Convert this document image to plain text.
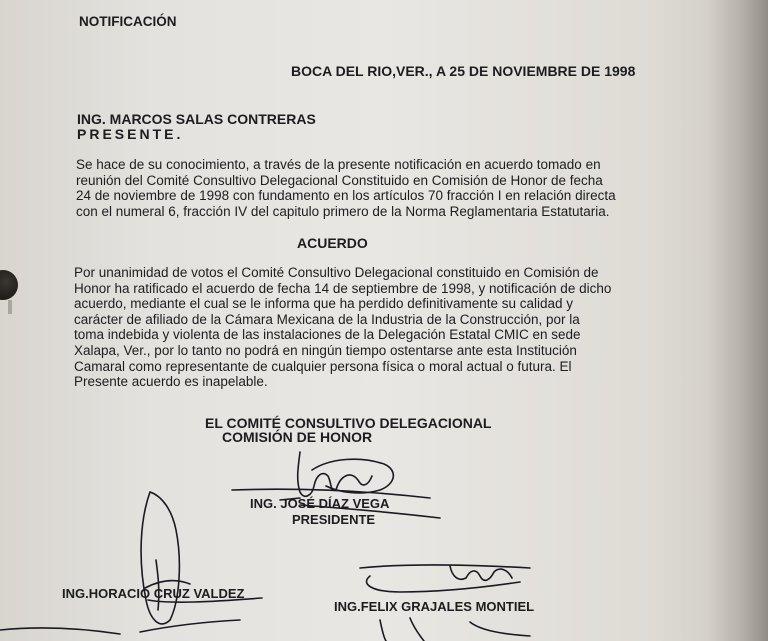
NOTIFICACIÓN
BOCA DEL RIO,VER., A 25 DE NOVIEMBRE DE 1998
ING. MARCOS SALAS CONTRERAS
PRESENTE.
Se hace de su conocimiento, a través de la presente notificación en acuerdo tomado en
reunión del Comité Consultivo Delegacional Constituido en Comisión de Honor de fecha
24 de noviembre de 1998 con fundamento en los artículos 70 fracción I en relación directa
con el numeral 6, fracción IV del capitulo primero de la Norma Reglamentaria Estatutaria.
ACUERDO
Por unanimidad de votos el Comité Consultivo Delegacional constituido en Comisión de
Honor ha ratificado el acuerdo de fecha 14 de septiembre de 1998, y notificación de dicho
acuerdo, mediante el cual se le informa que ha perdido definitivamente su calidad y
carácter de afiliado de la Cámara Mexicana de la Industria de la Construcción, por la
toma indebida y violenta de las instalaciones de la Delegación Estatal CMIC en sede
Xalapa, Ver., por lo tanto no podrá en ningún tiempo ostentarse ante esta Institución
Camaral como representante de cualquier persona física o moral actual o futura. El
Presente acuerdo es inapelable.
EL COMITÉ CONSULTIVO DELEGACIONAL
COMISIÓN DE HONOR
ING. JOSÉ DÍAZ VEGA
PRESIDENTE
ING.HORACIO CRUZ VALDEZ
ING.FELIX GRAJALES MONTIEL
